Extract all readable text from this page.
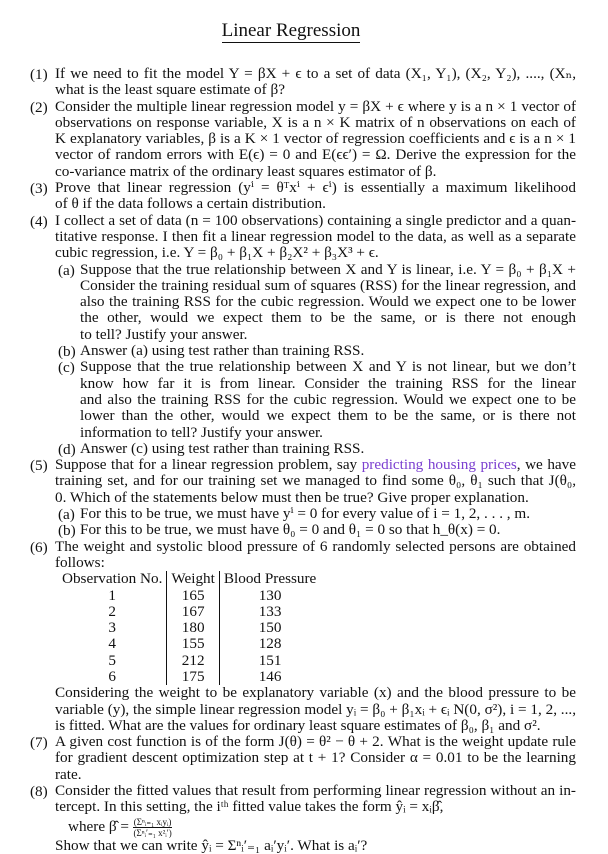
Linear Regression
(1) If we need to fit the model Y = βX + ϵ to a set of data (X₁, Y₁), (X₂, Y₂), ...., (Xₙ,
what is the least square estimate of β?
(2) Consider the multiple linear regression model y = βX + ϵ where y is a n × 1 vector of
observations on response variable, X is a n × K matrix of n observations on each of
K explanatory variables, β is a K × 1 vector of regression coefficients and ϵ is a n × 1
vector of random errors with E(ϵ) = 0 and E(ϵϵ′) = Ω. Derive the expression for the
co-variance matrix of the ordinary least squares estimator of β.
(3) Prove that linear regression (yⁱ = θᵀxⁱ + ϵⁱ) is essentially a maximum likelihood
of θ if the data follows a certain distribution.
(4) I collect a set of data (n = 100 observations) containing a single predictor and a quan-
titative response. I then fit a linear regression model to the data, as well as a separate
cubic regression, i.e. Y = β₀ + β₁X + β₂X² + β₃X³ + ϵ.
(a) Suppose that the true relationship between X and Y is linear, i.e. Y = β₀ + β₁X +
Consider the training residual sum of squares (RSS) for the linear regression, and
also the training RSS for the cubic regression. Would we expect one to be lower
the other, would we expect them to be the same, or is there not enough
to tell? Justify your answer.
(b) Answer (a) using test rather than training RSS.
(c) Suppose that the true relationship between X and Y is not linear, but we don’t
know how far it is from linear. Consider the training RSS for the linear
and also the training RSS for the cubic regression. Would we expect one to be
lower than the other, would we expect them to be the same, or is there not
information to tell? Justify your answer.
(d) Answer (c) using test rather than training RSS.
(5) Suppose that for a linear regression problem, say predicting housing prices, we have
training set, and for our training set we managed to find some θ₀, θ₁ such that J(θ₀,
0. Which of the statements below must then be true? Give proper explanation.
(a) For this to be true, we must have yⁱ = 0 for every value of i = 1, 2, . . . , m.
(b) For this to be true, we must have θ₀ = 0 and θ₁ = 0 so that h_θ(x) = 0.
(6) The weight and systolic blood pressure of 6 randomly selected persons are obtained
follows:
Observation No.	Weight	Blood Pressure
1	165	130
2	167	133
3	180	150
4	155	128
5	212	151
6	175	146
Considering the weight to be explanatory variable (x) and the blood pressure to be
variable (y), the simple linear regression model yᵢ = β₀ + β₁xᵢ + ϵᵢ N(0, σ²), i = 1, 2, ...,
is fitted. What are the values for ordinary least square estimates of β₀, β₁ and σ².
(7) A given cost function is of the form J(θ) = θ² − θ + 2. What is the weight update rule
for gradient descent optimization step at t + 1? Consider α = 0.01 to be the learning
rate.
(8) Consider the fitted values that result from performing linear regression without an in-
tercept. In this setting, the iᵗʰ fitted value takes the form ŷᵢ = xᵢβ̂,
where β̂ = $\frac{\text{(Σⁿᵢ₌₁ xᵢyᵢ)}}{\text{(Σⁿᵢ′₌₁ x²ᵢ′)}}$
Show that we can write ŷᵢ = Σⁿᵢ′₌₁ aᵢ′yᵢ′. What is aᵢ′?
